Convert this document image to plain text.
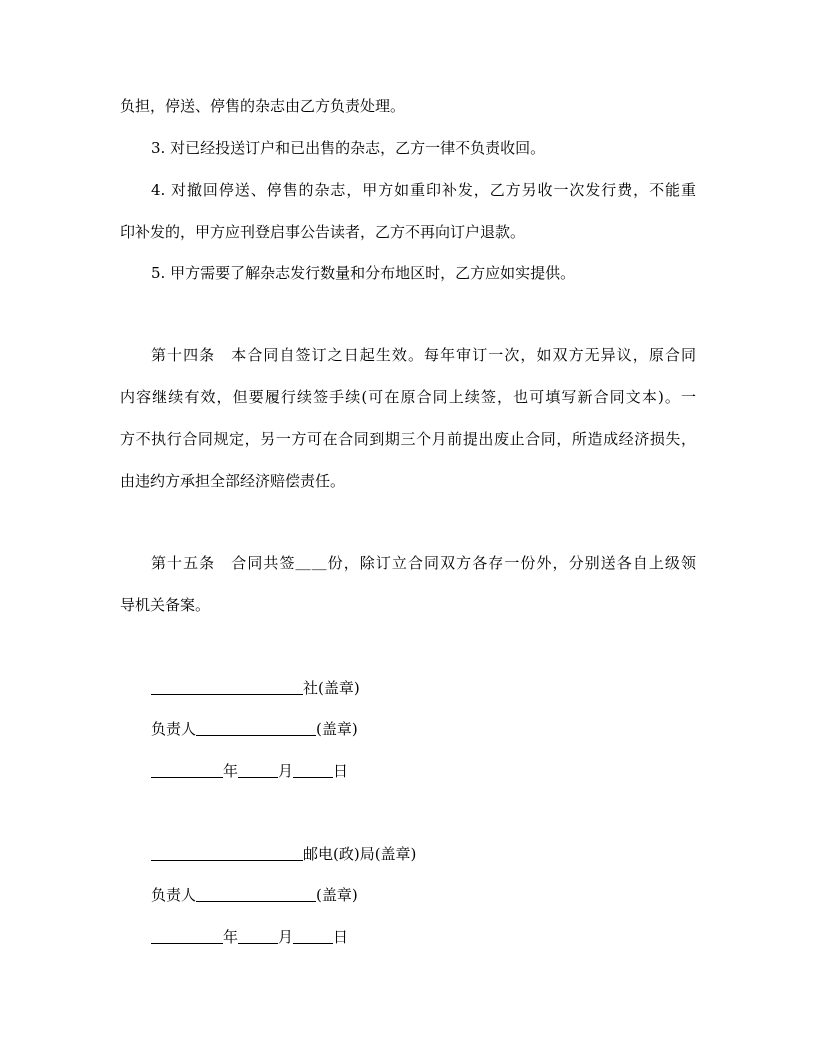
负担，停送、停售的杂志由乙方负责处理。
3. 对已经投送订户和已出售的杂志，乙方一律不负责收回。
4. 对撤回停送、停售的杂志，甲方如重印补发，乙方另收一次发行费，不能重
印补发的，甲方应刊登启事公告读者，乙方不再向订户退款。
5. 甲方需要了解杂志发行数量和分布地区时，乙方应如实提供。
第十四条　本合同自签订之日起生效。每年审订一次，如双方无异议，原合同
内容继续有效，但要履行续签手续(可在原合同上续签，也可填写新合同文本)。一
方不执行合同规定，另一方可在合同到期三个月前提出废止合同，所造成经济损失，
由违约方承担全部经济赔偿责任。
第十五条　合同共签＿＿份，除订立合同双方各存一份外，分别送各自上级领
导机关备案。
社(盖章)
负责人	(盖章)
年	月	日
邮电(政)局(盖章)
负责人	(盖章)
年	月	日
